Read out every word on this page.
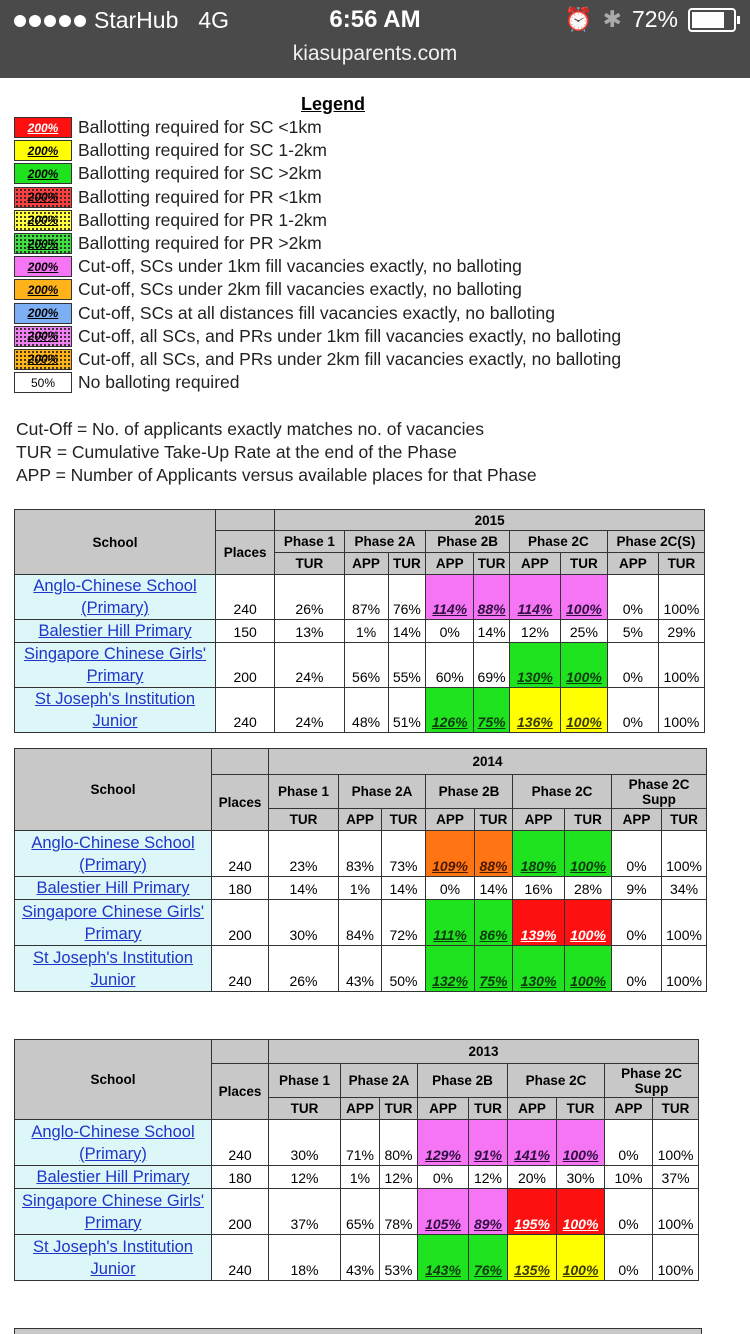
StarHub 4G	6:56 AM	⏰ ✱ 72%
kiasuparents.com
Legend
200%	Ballotting required for SC <1km
200%	Ballotting required for SC 1-2km
200%	Ballotting required for SC >2km
200%	Ballotting required for PR <1km
200%	Ballotting required for PR 1-2km
200%	Ballotting required for PR >2km
200%	Cut-off, SCs under 1km fill vacancies exactly, no balloting
200%	Cut-off, SCs under 2km fill vacancies exactly, no balloting
200%	Cut-off, SCs at all distances fill vacancies exactly, no balloting
200%	Cut-off, all SCs, and PRs under 1km fill vacancies exactly, no balloting
200%	Cut-off, all SCs, and PRs under 2km fill vacancies exactly, no balloting
50%	No balloting required
Cut-Off = No. of applicants exactly matches no. of vacancies
TUR = Cumulative Take-Up Rate at the end of the Phase
APP = Number of Applicants versus available places for that Phase
School		2015								
	Places	Phase 1	Phase 2A		Phase 2B		Phase 2C		Phase 2C(S)	
		TUR	APP	TUR	APP	TUR	APP	TUR	APP	TUR
Anglo-Chinese School (Primary)	240	26%	87%	76%	114%	88%	114%	100%	0%	100%
Balestier Hill Primary	150	13%	1%	14%	0%	14%	12%	25%	5%	29%
Singapore Chinese Girls' Primary	200	24%	56%	55%	60%	69%	130%	100%	0%	100%
St Joseph's Institution Junior	240	24%	48%	51%	126%	75%	136%	100%	0%	100%
School		2014								
	Places	Phase 1	Phase 2A		Phase 2B		Phase 2C		Phase 2C Supp	
		TUR	APP	TUR	APP	TUR	APP	TUR	APP	TUR
Anglo-Chinese School (Primary)	240	23%	83%	73%	109%	88%	180%	100%	0%	100%
Balestier Hill Primary	180	14%	1%	14%	0%	14%	16%	28%	9%	34%
Singapore Chinese Girls' Primary	200	30%	84%	72%	111%	86%	139%	100%	0%	100%
St Joseph's Institution Junior	240	26%	43%	50%	132%	75%	130%	100%	0%	100%
School		2013								
	Places	Phase 1	Phase 2A		Phase 2B		Phase 2C		Phase 2C Supp	
		TUR	APP	TUR	APP	TUR	APP	TUR	APP	TUR
Anglo-Chinese School (Primary)	240	30%	71%	80%	129%	91%	141%	100%	0%	100%
Balestier Hill Primary	180	12%	1%	12%	0%	12%	20%	30%	10%	37%
Singapore Chinese Girls' Primary	200	37%	65%	78%	105%	89%	195%	100%	0%	100%
St Joseph's Institution Junior	240	18%	43%	53%	143%	76%	135%	100%	0%	100%
